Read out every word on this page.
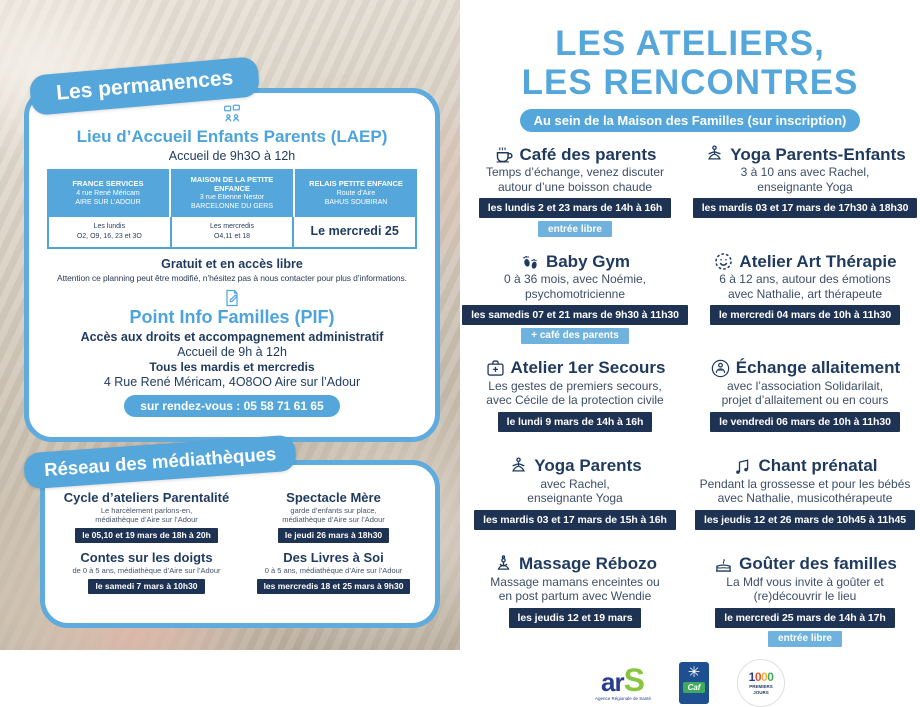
Les permanences
Lieu d’Accueil Enfants Parents (LAEP)
Accueil de 9h3O à 12h
FRANCE SERVICES
4 rue René Méricam
AIRE SUR L’ADOUR
MAISON DE LA PETITE ENFANCE
3 rue Etienne Nestor
BARCELONNE DU GERS
RELAIS PETITE ENFANCE
Route d’Aire
BAHUS SOUBIRAN
Les lundis
O2, O9, 16, 23 et 3O
Les mercredis
O4,11 et 18	Le mercredi 25
Gratuit et en accès libre
Attention ce planning peut être modifié, n’hésitez pas à nous contacter pour plus d’informations.
Point Info Familles (PIF)
Accès aux droits et accompagnement administratif
Accueil de 9h à 12h
Tous les mardis et mercredis
4 Rue René Méricam, 4O8OO Aire sur l’Adour
sur rendez-vous : 05 58 71 61 65
Réseau des médiathèques
Cycle d’ateliers Parentalité
Le harcèlement parlons-en,
médiathèque d’Aire sur l’Adour
le 05,10 et 19 mars de 18h à 20h
Spectacle Mère
garde d’enfants sur place,
médiathèque d’Aire sur l’Adour
le jeudi 26 mars à 18h30
Contes sur les doigts
de 0 à 5 ans, médiathèque d’Aire sur l’Adour
le samedi 7 mars à 10h30
Des Livres à Soi
0 à 5 ans, médiathèque d’Aire sur l’Adour
les mercredis 18 et 25 mars à 9h30
LES ATELIERS,
LES RENCONTRES
Au sein de la Maison des Familles (sur inscription)
Café des parents
Temps d’échange, venez discuter
autour d’une boisson chaude
les lundis 2 et 23 mars de 14h à 16h
entrée libre
Yoga Parents-Enfants
3 à 10 ans avec Rachel,
enseignante Yoga
les mardis 03 et 17 mars de 17h30 à 18h30
Baby Gym
0 à 36 mois, avec Noémie,
psychomotricienne
les samedis 07 et 21 mars de 9h30 à 11h30
+ café des parents
Atelier Art Thérapie
6 à 12 ans, autour des émotions
avec Nathalie, art thérapeute
le mercredi 04 mars de 10h à 11h30
Atelier 1er Secours
Les gestes de premiers secours,
avec Cécile de la protection civile
le lundi 9 mars de 14h à 16h
Échange allaitement
avec l’association Solidarilait,
projet d’allaitement ou en cours
le vendredi 06 mars de 10h à 11h30
Yoga Parents
avec Rachel,
enseignante Yoga
les mardis 03 et 17 mars de 15h à 16h
Chant prénatal
Pendant la grossesse et pour les bébés
avec Nathalie, musicothérapeute
les jeudis 12 et 26 mars de 10h45 à 11h45
Massage Rébozo
Massage mamans enceintes ou
en post partum avec Wendie
les jeudis 12 et 19 mars
Goûter des familles
La Mdf vous invite à goûter et
(re)découvrir le lieu
le mercredi 25 mars de 14h à 17h
entrée libre
arS
Agence Régionale de Santé
✳
Caf
1 0 0 0
PREMIERS
JOURS
